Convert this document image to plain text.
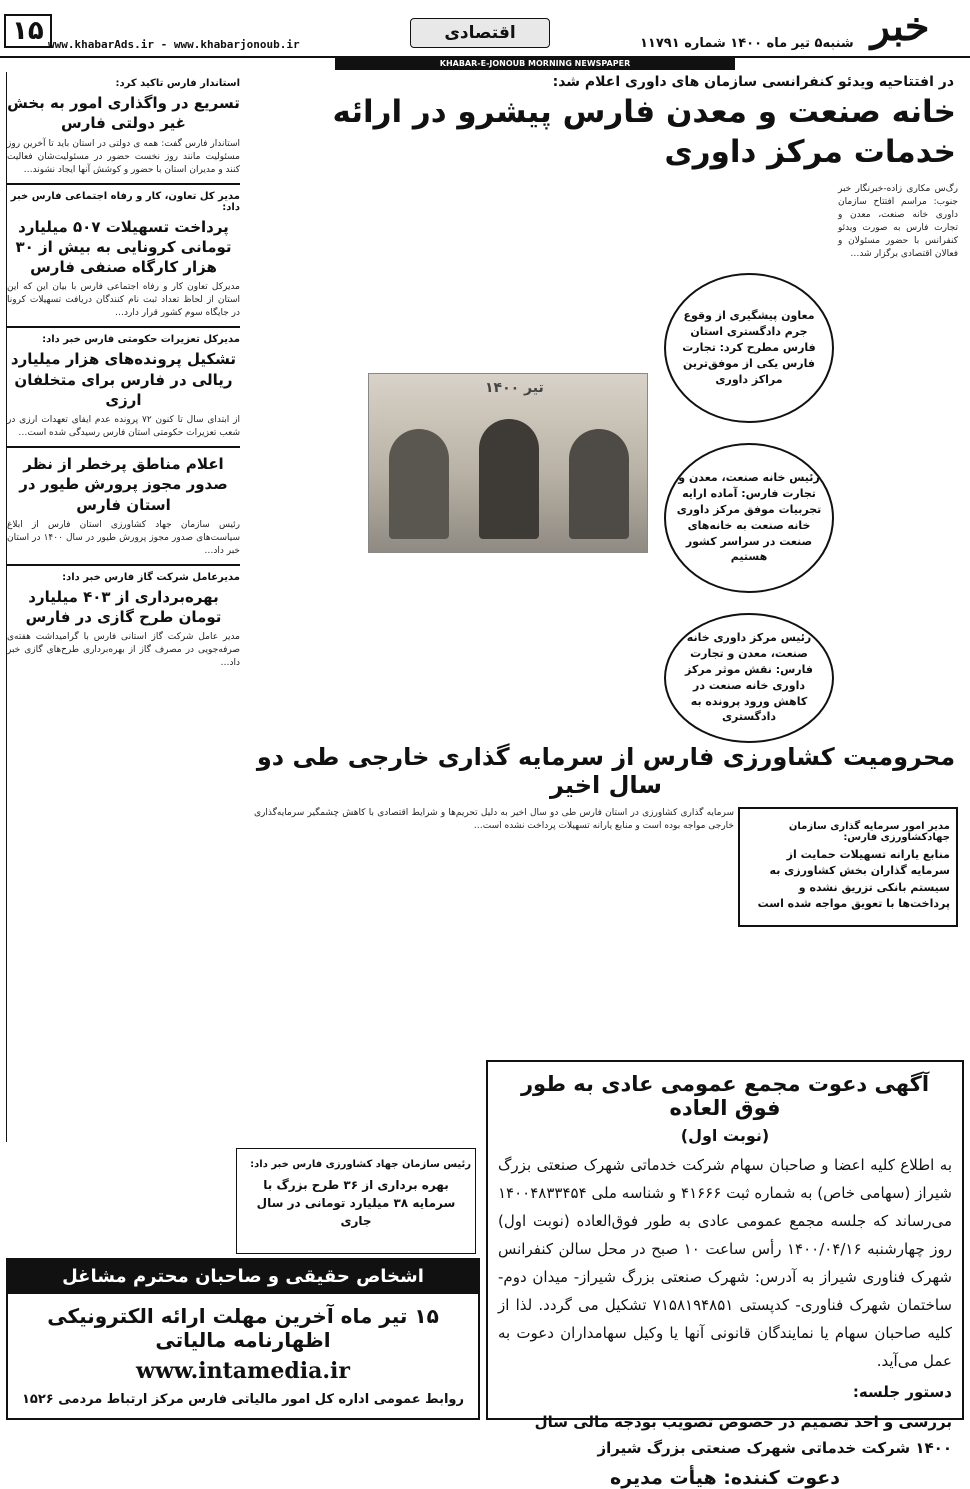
۱۵ www.khabarAds.ir - www.khabarjonoub.ir
اقتصادی
شنبه۵ تیر ماه ۱۴۰۰ شماره ۱۱۷۹۱ خبر
KHABAR-E-JONOUB MORNING NEWSPAPER
استاندار فارس تاکید کرد:
تسریع در واگذاری امور به بخش غیر دولتی فارس
استاندار فارس گفت: همه ی دولتی در استان باید تا آخرین روز مسئولیت مانند روز نخست حضور در مسئولیت‌شان فعالیت کنند و مدیران استان با حضور و کوشش آنها ایجاد نشوند…
مدیر کل تعاون، کار و رفاه اجتماعی فارس خبر داد:
پرداخت تسهیلات ۵۰۷ میلیارد تومانی کرونایی به بیش از ۳۰ هزار کارگاه صنفی فارس
مدیرکل تعاون کار و رفاه اجتماعی فارس با بیان این که این استان از لحاظ تعداد ثبت نام کنندگان دریافت تسهیلات کرونا در جایگاه سوم کشور قرار دارد…
مدیرکل تعزیرات حکومتی فارس خبر داد:
تشکیل پرونده‌های هزار میلیارد ریالی در فارس برای متخلفان ارزی
از ابتدای سال تا کنون ۷۲ پرونده عدم ایفای تعهدات ارزی در شعب تعزیرات حکومتی استان فارس رسیدگی شده است…
اعلام مناطق پرخطر از نظر صدور مجوز پرورش طیور در استان فارس
رئیس سازمان جهاد کشاورزی استان فارس از ابلاغ سیاست‌های صدور مجوز پرورش طیور در سال ۱۴۰۰ در استان خبر داد…
مدیرعامل شرکت گاز فارس خبر داد:
بهره‌برداری از ۴۰۳ میلیارد تومان طرح گازی در فارس
مدیر عامل شرکت گاز استانی فارس با گرامیداشت هفته‌ی صرفه‌جویی در مصرف گاز از بهره‌برداری طرح‌های گازی خبر داد…
در افتتاحیه ویدئو کنفرانسی سازمان های داوری اعلام شد:
خانه صنعت و معدن فارس پیشرو در ارائه خدمات مرکز داوری
رگ‌س مکاری زاده-خبرنگار خبر جنوب: مراسم افتتاح سازمان داوری خانه صنعت، معدن و تجارت فارس به صورت ویدئو کنفرانس با حضور مسئولان و فعالان اقتصادی برگزار شد…
معاون پیشگیری از وقوع جرم دادگستری استان فارس مطرح کرد: تجارت فارس یکی از موفق‌ترین مراکز داوری
رئیس خانه صنعت، معدن و تجارت فارس: آماده ارایه تجربیات موفق مرکز داوری خانه صنعت به خانه‌های صنعت در سراسر کشور هستیم
رئیس مرکز داوری خانه صنعت، معدن و تجارت فارس: نقش موثر مرکز داوری خانه صنعت در کاهش ورود پرونده به دادگستری
تیر ۱۴۰۰
محرومیت کشاورزی فارس از سرمایه گذاری خارجی طی دو سال اخیر
مدیر امور سرمایه گذاری سازمان جهادکشاورزی فارس:
منابع یارانه تسهیلات حمایت از سرمایه گذاران بخش کشاورزی به سیستم بانکی تزریق نشده و پرداخت‌ها با تعویق مواجه شده است
سرمایه گذاری کشاورزی در استان فارس طی دو سال اخیر به دلیل تحریم‌ها و شرایط اقتصادی با کاهش چشمگیر سرمایه‌گذاری خارجی مواجه بوده است و منابع یارانه تسهیلات پرداخت نشده است…
رئیس سازمان جهاد کشاورزی فارس خبر داد:
بهره برداری از ۳۶ طرح بزرگ با سرمایه ۳۸ میلیارد تومانی در سال جاری
آگهی دعوت مجمع عمومی عادی به طور فوق العاده
(نوبت اول)
به اطلاع کلیه اعضا و صاحبان سهام شرکت خدماتی شهرک صنعتی بزرگ شیراز (سهامی خاص) به شماره ثبت ۴۱۶۶۶ و شناسه ملی ۱۴۰۰۴۸۳۳۴۵۴ می‌رساند که جلسه مجمع عمومی عادی به طور فوق‌العاده (نوبت اول) روز چهارشنبه ۱۴۰۰/۰۴/۱۶ رأس ساعت ۱۰ صبح در محل سالن کنفرانس شهرک فناوری شیراز به آدرس: شهرک صنعتی بزرگ شیراز- میدان دوم- ساختمان شهرک فناوری- کدپستی ۷۱۵۸۱۹۴۸۵۱ تشکیل می گردد. لذا از کلیه صاحبان سهام یا نمایندگان قانونی آنها یا وکیل سهامداران دعوت به عمل می‌آید.
دستور جلسه:
بررسی و اخذ تصمیم در خصوص تصویب بودجه مالی سال ۱۴۰۰ شرکت خدماتی شهرک صنعتی بزرگ شیراز
دعوت کننده: هیأت مدیره
اشخاص حقیقی و صاحبان محترم مشاغل
۱۵ تیر ماه آخرین مهلت ارائه الکترونیکی اظهارنامه مالیاتی
www.intamedia.ir
روابط عمومی اداره کل امور مالیاتی فارس
مرکز ارتباط مردمی ۱۵۲۶
